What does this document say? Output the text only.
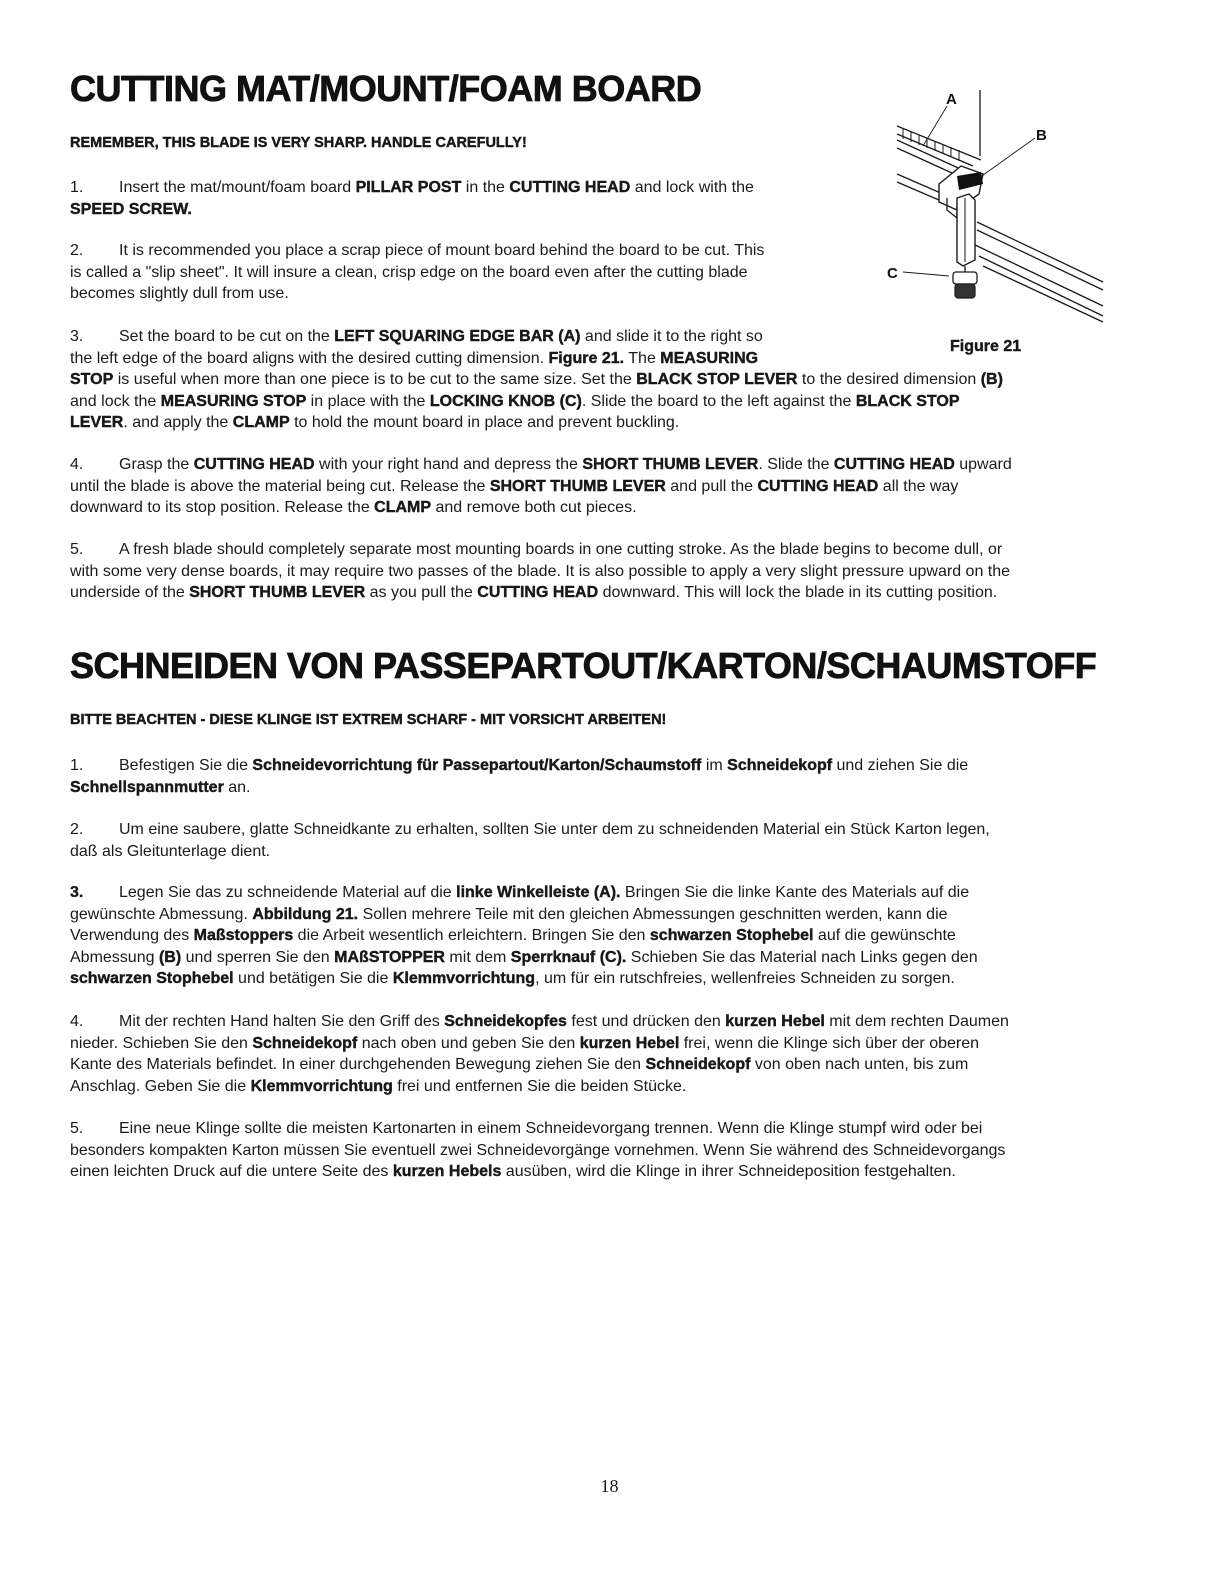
A
B
C
Figure 21
CUTTING MAT/MOUNT/FOAM BOARD

REMEMBER, THIS BLADE IS VERY SHARP. HANDLE CAREFULLY!

1. Insert the mat/mount/foam board PILLAR POST in the CUTTING HEAD and lock with the
SPEED SCREW.

2. It is recommended you place a scrap piece of mount board behind the board to be cut. This
is called a "slip sheet". It will insure a clean, crisp edge on the board even after the cutting blade
becomes slightly dull from use.

3. Set the board to be cut on the LEFT SQUARING EDGE BAR (A) and slide it to the right so
the left edge of the board aligns with the desired cutting dimension. Figure 21. The MEASURING
STOP is useful when more than one piece is to be cut to the same size. Set the BLACK STOP LEVER to the desired dimension (B)
and lock the MEASURING STOP in place with the LOCKING KNOB (C). Slide the board to the left against the BLACK STOP
LEVER. and apply the CLAMP to hold the mount board in place and prevent buckling.

4. Grasp the CUTTING HEAD with your right hand and depress the SHORT THUMB LEVER. Slide the CUTTING HEAD upward
until the blade is above the material being cut. Release the SHORT THUMB LEVER and pull the CUTTING HEAD all the way
downward to its stop position. Release the CLAMP and remove both cut pieces.

5. A fresh blade should completely separate most mounting boards in one cutting stroke. As the blade begins to become dull, or
with some very dense boards, it may require two passes of the blade. It is also possible to apply a very slight pressure upward on the
underside of the SHORT THUMB LEVER as you pull the CUTTING HEAD downward. This will lock the blade in its cutting position.

SCHNEIDEN VON PASSEPARTOUT/KARTON/SCHAUMSTOFF

BITTE BEACHTEN - DIESE KLINGE IST EXTREM SCHARF - MIT VORSICHT ARBEITEN!

1. Befestigen Sie die Schneidevorrichtung für Passepartout/Karton/Schaumstoff im Schneidekopf und ziehen Sie die
Schnellspannmutter an.

2. Um eine saubere, glatte Schneidkante zu erhalten, sollten Sie unter dem zu schneidenden Material ein Stück Karton legen,
daß als Gleitunterlage dient.

3. Legen Sie das zu schneidende Material auf die linke Winkelleiste (A). Bringen Sie die linke Kante des Materials auf die
gewünschte Abmessung. Abbildung 21. Sollen mehrere Teile mit den gleichen Abmessungen geschnitten werden, kann die
Verwendung des Maßstoppers die Arbeit wesentlich erleichtern. Bringen Sie den schwarzen Stophebel auf die gewünschte
Abmessung (B) und sperren Sie den MAßSTOPPER mit dem Sperrknauf (C). Schieben Sie das Material nach Links gegen den
schwarzen Stophebel und betätigen Sie die Klemmvorrichtung, um für ein rutschfreies, wellenfreies Schneiden zu sorgen.

4. Mit der rechten Hand halten Sie den Griff des Schneidekopfes fest und drücken den kurzen Hebel mit dem rechten Daumen
nieder. Schieben Sie den Schneidekopf nach oben und geben Sie den kurzen Hebel frei, wenn die Klinge sich über der oberen
Kante des Materials befindet. In einer durchgehenden Bewegung ziehen Sie den Schneidekopf von oben nach unten, bis zum
Anschlag. Geben Sie die Klemmvorrichtung frei und entfernen Sie die beiden Stücke.

5. Eine neue Klinge sollte die meisten Kartonarten in einem Schneidevorgang trennen. Wenn die Klinge stumpf wird oder bei
besonders kompakten Karton müssen Sie eventuell zwei Schneidevorgänge vornehmen. Wenn Sie während des Schneidevorgangs
einen leichten Druck auf die untere Seite des kurzen Hebels ausüben, wird die Klinge in ihrer Schneideposition festgehalten.

18
